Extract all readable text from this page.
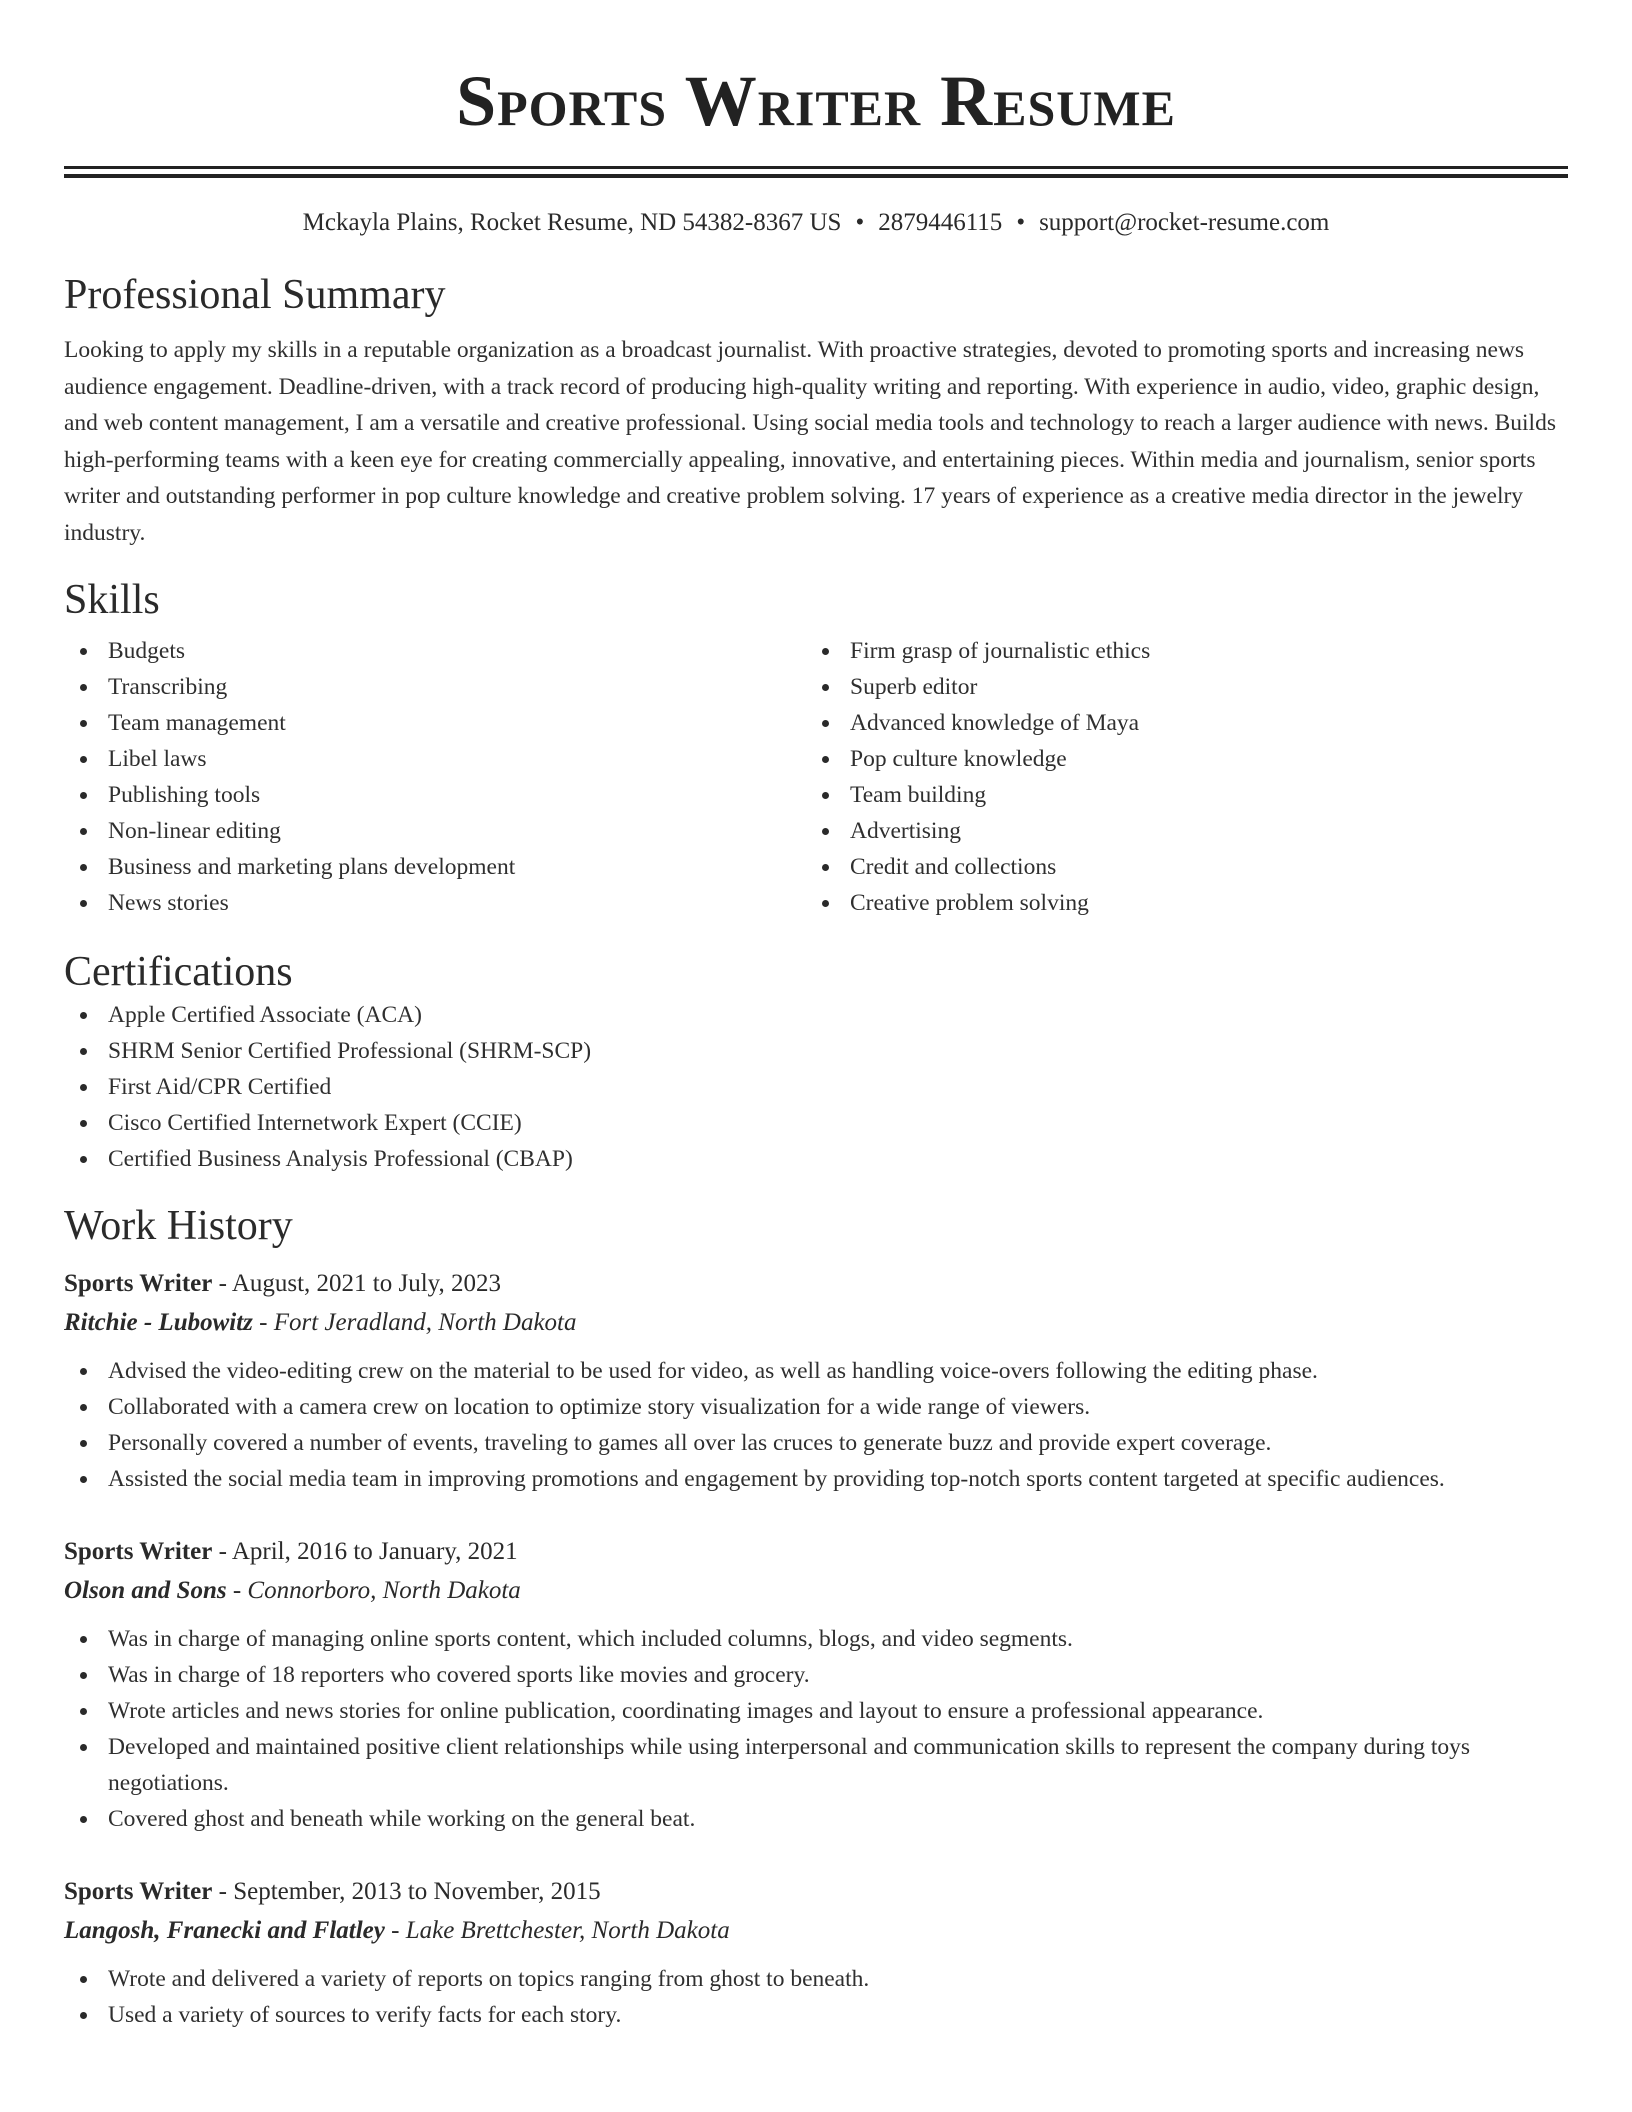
Sports Writer Resume
Mckayla Plains, Rocket Resume, ND 54382-8367 US • 2879446115 • support@rocket-resume.com
Professional Summary

Looking to apply my skills in a reputable organization as a broadcast journalist. With proactive strategies, devoted to promoting sports and increasing news audience engagement. Deadline-driven, with a track record of producing high-quality writing and reporting. With experience in audio, video, graphic design, and web content management, I am a versatile and creative professional. Using social media tools and technology to reach a larger audience with news. Builds high-performing teams with a keen eye for creating commercially appealing, innovative, and entertaining pieces. Within media and journalism, senior sports writer and outstanding performer in pop culture knowledge and creative problem solving. 17 years of experience as a creative media director in the jewelry industry.

Skills
Budgets
Transcribing
Team management
Libel laws
Publishing tools
Non-linear editing
Business and marketing plans development
News stories
Firm grasp of journalistic ethics
Superb editor
Advanced knowledge of Maya
Pop culture knowledge
Team building
Advertising
Credit and collections
Creative problem solving
Certifications
Apple Certified Associate (ACA)
SHRM Senior Certified Professional (SHRM-SCP)
First Aid/CPR Certified
Cisco Certified Internetwork Expert (CCIE)
Certified Business Analysis Professional (CBAP)
Work History
Sports Writer - August, 2021 to July, 2023
Ritchie - Lubowitz - Fort Jeradland, North Dakota
Advised the video-editing crew on the material to be used for video, as well as handling voice-overs following the editing phase.
Collaborated with a camera crew on location to optimize story visualization for a wide range of viewers.
Personally covered a number of events, traveling to games all over las cruces to generate buzz and provide expert coverage.
Assisted the social media team in improving promotions and engagement by providing top-notch sports content targeted at specific audiences.
Sports Writer - April, 2016 to January, 2021
Olson and Sons - Connorboro, North Dakota
Was in charge of managing online sports content, which included columns, blogs, and video segments.
Was in charge of 18 reporters who covered sports like movies and grocery.
Wrote articles and news stories for online publication, coordinating images and layout to ensure a professional appearance.
Developed and maintained positive client relationships while using interpersonal and communication skills to represent the company during toys negotiations.
Covered ghost and beneath while working on the general beat.
Sports Writer - September, 2013 to November, 2015
Langosh, Franecki and Flatley - Lake Brettchester, North Dakota
Wrote and delivered a variety of reports on topics ranging from ghost to beneath.
Used a variety of sources to verify facts for each story.
